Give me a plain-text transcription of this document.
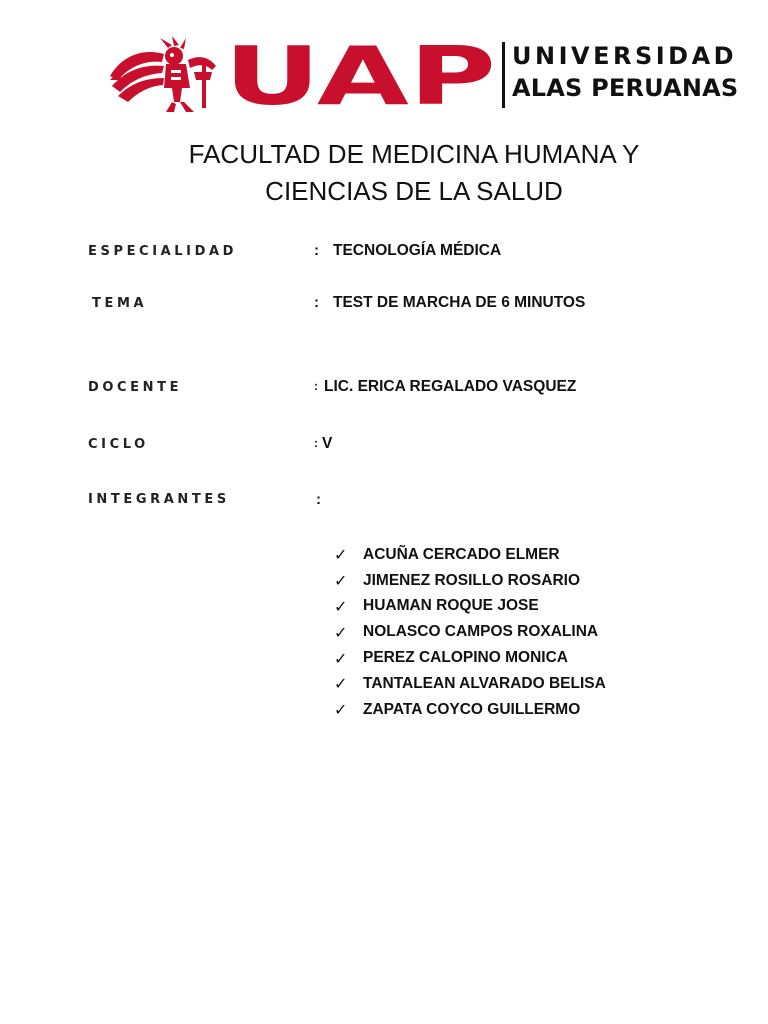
UAP UNIVERSIDAD
ALAS PERUANAS
FACULTAD DE MEDICINA HUMANA Y
CIENCIAS DE LA SALUD
ESPECIALIDAD	: TECNOLOGÍA MÉDICA
TEMA	: TEST DE MARCHA DE 6 MINUTOS
DOCENTE	: LIC. ERICA REGALADO VASQUEZ
CICLO	: V
INTEGRANTES	:
✓	ACUÑA CERCADO ELMER
✓	JIMENEZ ROSILLO ROSARIO
✓	HUAMAN ROQUE JOSE
✓	NOLASCO CAMPOS ROXALINA
✓	PEREZ CALOPINO MONICA
✓	TANTALEAN ALVARADO BELISA
✓	ZAPATA COYCO GUILLERMO
